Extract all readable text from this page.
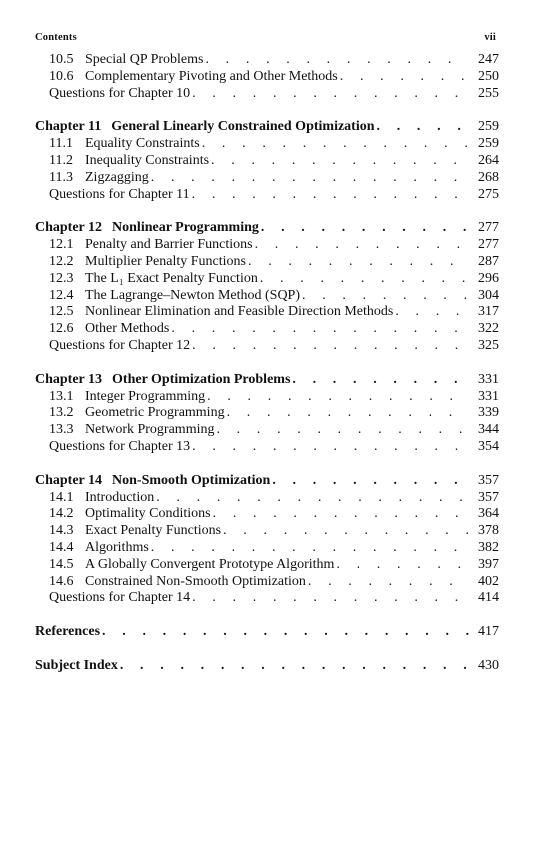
Contents	vii
10.5 Special QP Problems . . .	247
10.6 Complementary Pivoting and Other Methods . . .	250
Questions for Chapter 10 . . .	255
Chapter 11 General Linearly Constrained Optimization . . .	259
11.1 Equality Constraints . . .	259
11.2 Inequality Constraints . . .	264
11.3 Zigzagging . . .	268
Questions for Chapter 11 . . .	275
Chapter 12 Nonlinear Programming . . .	277
12.1 Penalty and Barrier Functions . . .	277
12.2 Multiplier Penalty Functions . . .	287
12.3 The L₁ Exact Penalty Function . . .	296
12.4 The Lagrange–Newton Method (SQP) . . .	304
12.5 Nonlinear Elimination and Feasible Direction Methods . . .	317
12.6 Other Methods . . .	322
Questions for Chapter 12 . . .	325
Chapter 13 Other Optimization Problems . . .	331
13.1 Integer Programming . . .	331
13.2 Geometric Programming . . .	339
13.3 Network Programming . . .	344
Questions for Chapter 13 . . .	354
Chapter 14 Non-Smooth Optimization . . .	357
14.1 Introduction . . .	357
14.2 Optimality Conditions . . .	364
14.3 Exact Penalty Functions . . .	378
14.4 Algorithms . . .	382
14.5 A Globally Convergent Prototype Algorithm . . .	397
14.6 Constrained Non-Smooth Optimization . . .	402
Questions for Chapter 14 . . .	414
References . . .	417
Subject Index . . .	430
